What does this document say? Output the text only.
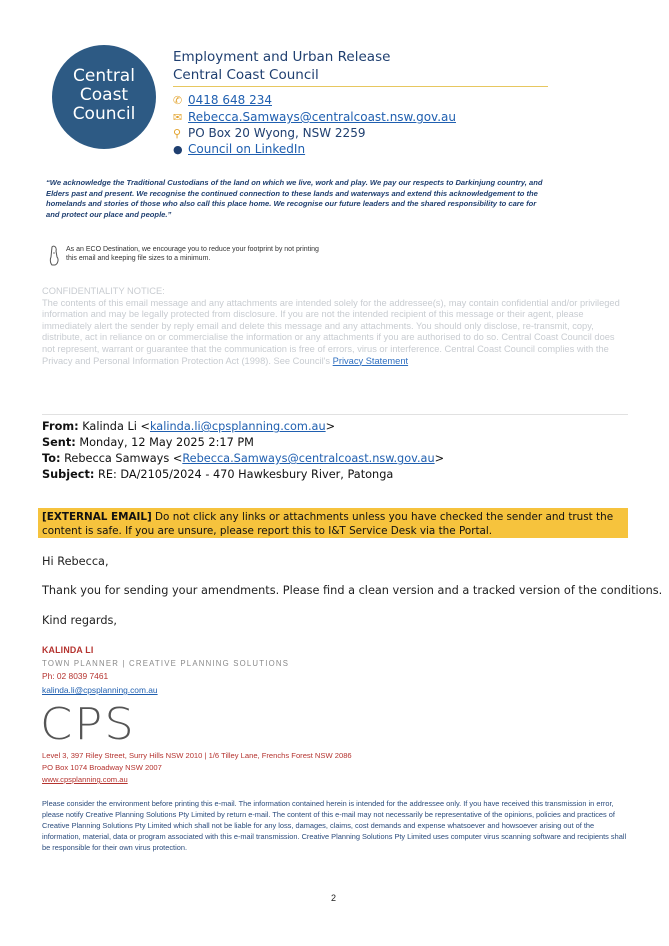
Central
Coast
Council
Employment and Urban Release
Central Coast Council
✆ 0418 648 234
✉ Rebecca.Samways@centralcoast.nsw.gov.au
⚲ PO Box 20 Wyong, NSW 2259
● Council on LinkedIn
“We acknowledge the Traditional Custodians of the land on which we live, work and play. We pay our respects to Darkinjung country, and Elders past and present. We recognise the continued connection to these lands and waterways and extend this acknowledgement to the homelands and stories of those who also call this place home. We recognise our future leaders and the shared responsibility to care for and protect our place and people.”
As an ECO Destination, we encourage you to reduce your footprint by not printing
this email and keeping file sizes to a minimum.
CONFIDENTIALITY NOTICE:
The contents of this email message and any attachments are intended solely for the addressee(s), may contain confidential and/or privileged information and may be legally protected from disclosure. If you are not the intended recipient of this message or their agent, please immediately alert the sender by reply email and delete this message and any attachments. You should only disclose, re-transmit, copy, distribute, act in reliance on or commercialise the information or any attachments if you are authorised to do so. Central Coast Council does not represent, warrant or guarantee that the communication is free of errors, virus or interference. Central Coast Council complies with the Privacy and Personal Information Protection Act (1998). See Council's Privacy Statement
From: Kalinda Li <kalinda.li@cpsplanning.com.au>
Sent: Monday, 12 May 2025 2:17 PM
To: Rebecca Samways <Rebecca.Samways@centralcoast.nsw.gov.au>
Subject: RE: DA/2105/2024 - 470 Hawkesbury River, Patonga
[EXTERNAL EMAIL] Do not click any links or attachments unless you have checked the sender and trust the content is safe. If you are unsure, please report this to I&T Service Desk via the Portal.
Hi Rebecca,
Thank you for sending your amendments. Please find a clean version and a tracked version of the conditions.
Kind regards,
KALINDA LI
TOWN PLANNER | CREATIVE PLANNING SOLUTIONS
Ph: 02 8039 7461
kalinda.li@cpsplanning.com.au
CPS
Level 3, 397 Riley Street, Surry Hills NSW 2010 | 1/6 Tilley Lane, Frenchs Forest NSW 2086
PO Box 1074 Broadway NSW 2007
www.cpsplanning.com.au
Please consider the environment before printing this e-mail. The information contained herein is intended for the addressee only. If you have received this transmission in error, please notify Creative Planning Solutions Pty Limited by return e-mail. The content of this e-mail may not necessarily be representative of the opinions, policies and practices of Creative Planning Solutions Pty Limited which shall not be liable for any loss, damages, claims, cost demands and expense whatsoever and howsoever arising out of the information, material, data or program associated with this e-mail transmission. Creative Planning Solutions Pty Limited uses computer virus scanning software and recipients shall be responsible for their own virus protection.
2
